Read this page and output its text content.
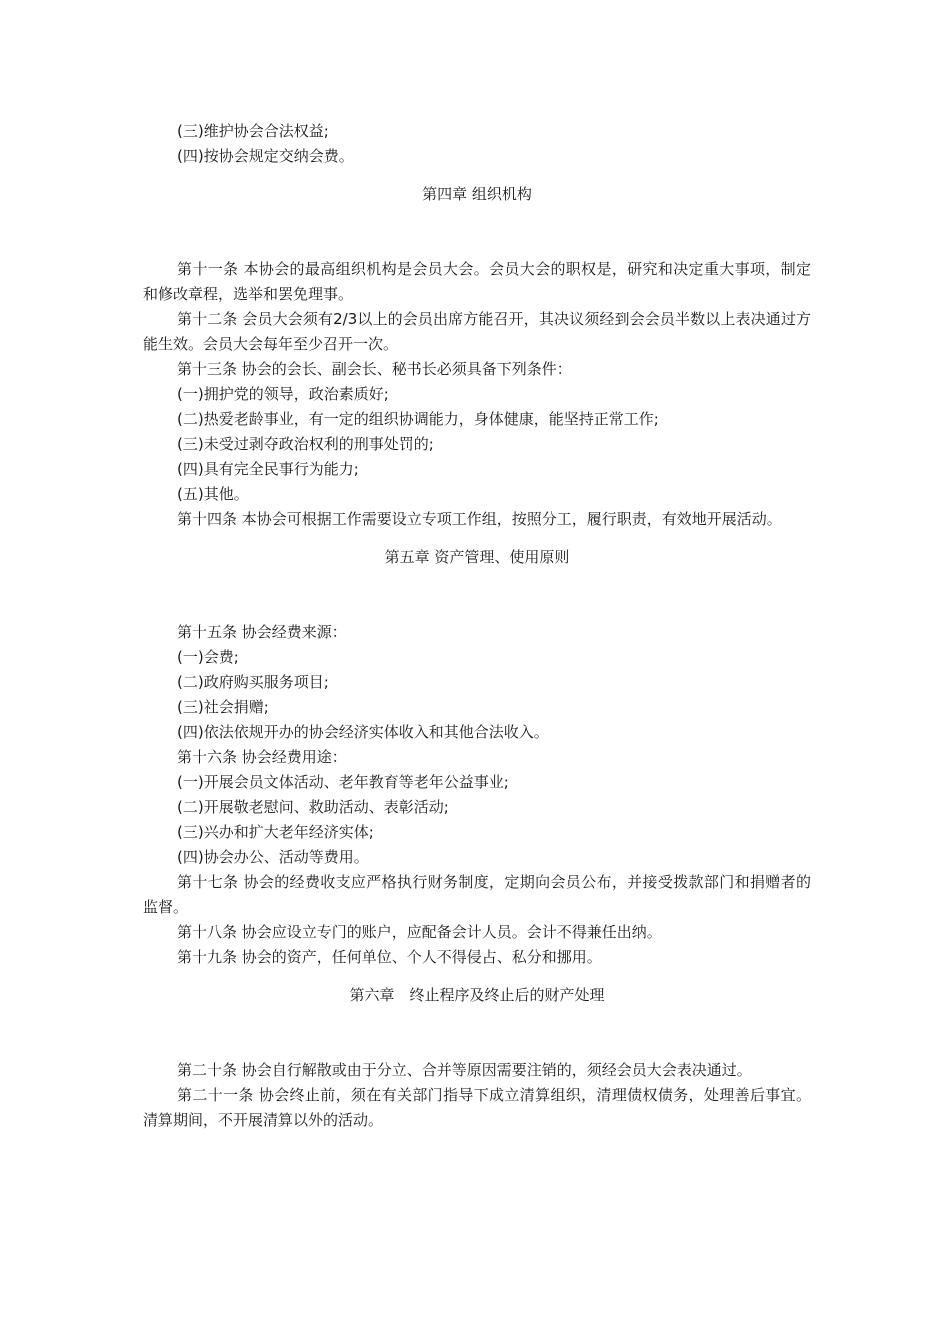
(三)维护协会合法权益;
(四)按协会规定交纳会费。
第四章 组织机构
第十一条 本协会的最高组织机构是会员大会。会员大会的职权是，研究和决定重大事项，制定和修改章程，选举和罢免理事。
第十二条 会员大会须有2/3以上的会员出席方能召开，其决议须经到会会员半数以上表决通过方能生效。会员大会每年至少召开一次。
第十三条 协会的会长、副会长、秘书长必须具备下列条件：
(一)拥护党的领导，政治素质好;
(二)热爱老龄事业，有一定的组织协调能力，身体健康，能坚持正常工作;
(三)未受过剥夺政治权利的刑事处罚的;
(四)具有完全民事行为能力;
(五)其他。
第十四条 本协会可根据工作需要设立专项工作组，按照分工，履行职责，有效地开展活动。
第五章 资产管理、使用原则
第十五条 协会经费来源：
(一)会费;
(二)政府购买服务项目;
(三)社会捐赠;
(四)依法依规开办的协会经济实体收入和其他合法收入。
第十六条 协会经费用途：
(一)开展会员文体活动、老年教育等老年公益事业;
(二)开展敬老慰问、救助活动、表彰活动;
(三)兴办和扩大老年经济实体;
(四)协会办公、活动等费用。
第十七条 协会的经费收支应严格执行财务制度，定期向会员公布，并接受拨款部门和捐赠者的监督。
第十八条 协会应设立专门的账户，应配备会计人员。会计不得兼任出纳。
第十九条 协会的资产，任何单位、个人不得侵占、私分和挪用。
第六章　终止程序及终止后的财产处理
第二十条 协会自行解散或由于分立、合并等原因需要注销的，须经会员大会表决通过。
第二十一条 协会终止前，须在有关部门指导下成立清算组织，清理债权债务，处理善后事宜。清算期间，不开展清算以外的活动。
